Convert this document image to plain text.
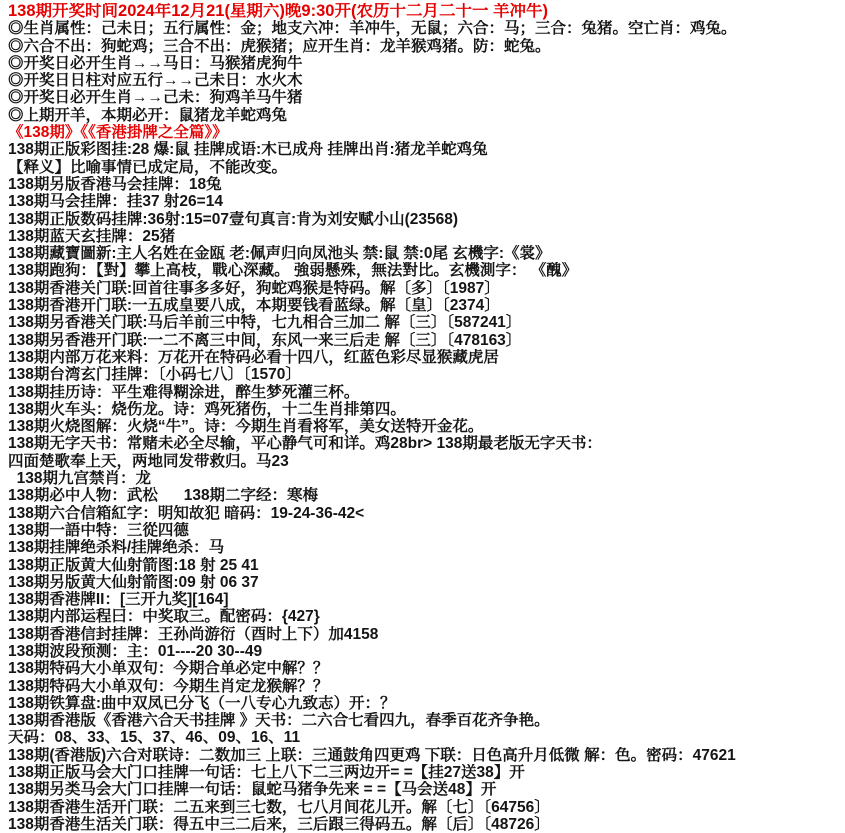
138期开奖时间2024年12月21(星期六)晚9:30开(农历十二月二十一 羊冲牛)
◎生肖属性：己未日；五行属性：金；地支六冲：羊冲牛，无鼠；六合：马；三合：兔猪。空亡肖：鸡兔。
◎六合不出：狗蛇鸡；三合不出：虎猴猪；应开生肖：龙羊猴鸡猪。防：蛇兔。
◎开奖日必开生肖→→马日：马猴猪虎狗牛
◎开奖日日柱对应五行→→己未日：水火木
◎开奖日必开生肖→→己未：狗鸡羊马牛猪
◎上期开羊，本期必开：鼠猪龙羊蛇鸡兔
《138期》《《香港掛牌之全篇》》
138期正版彩图挂:28 爆:鼠 挂牌成语:木已成舟 挂牌出肖:猪龙羊蛇鸡兔
【释义】比喻事情已成定局，不能改变。
138期另版香港马会挂牌：18兔
138期马会挂牌：挂37 射26=14
138期正版数码挂牌:36射:15=07壹句真言:肯为刘安赋小山(23568)
138期蓝天玄挂牌：25猪
138期藏寶圖新:主人名姓在金瓯 老:佩声归向凤池头 禁:鼠 禁:0尾 玄機字:《裳》
138期跑狗：【對】攀上高枝，戰心深藏。 強弱懸殊，無法對比。玄機測字： 《醜》
138期香港关门联:回首往事多多好，狗蛇鸡猴是特码。解〔多〕〔1987〕
138期香港开门联:一五成皇要八成，本期要钱看蓝绿。解〔皇〕〔2374〕
138期另香港关门联:马后羊前三中特，七九相合三加二 解〔三〕〔587241〕
138期另香港开门联:一二不离三中间，东风一来三后走 解〔三〕〔478163〕
138期内部万花来料：万花开在特码必看十四八，红蓝色彩尽显猴藏虎居
138期台湾玄门挂牌：〔小码七八〕〔1570〕
138期挂历诗：平生难得糊涂进，醉生梦死灌三杯。
138期火车头：烧伤龙。诗：鸡死猪伤，十二生肖排第四。
138期火烧图解：火烧“牛”。诗：今期生肖看将军，美女送特开金花。
138期无字天书：常赌未必全尽输，平心静气可和详。鸡28br> 138期最老版无字天书：
四面楚歌奉上天，两地同发带救归。马23
138期九宫禁肖：龙
138期必中人物：武松      138期二字经：寒梅
138期六合信箱紅字：明知故犯 暗码：19-24-36-42<
138期一語中特：三從四德
138期挂牌绝杀料/挂牌绝杀：马
138期正版黄大仙射箭图:18 射 25 41
138期另版黄大仙射箭图:09 射 06 37
138期香港牌II：[三开九奖][164]
138期内部运程曰：中奖取三。配密码：{427}
138期香港信封挂牌：王孙尚游衍（酉时上下）加4158
138期波段预测：主：01----20 30--49
138期特码大小单双句：今期合单必定中解？？
138期特码大小单双句：今期生肖定龙猴解？？
138期铁算盘:曲中双凤已分飞（一八专心九致志）开：？
138期香港版《香港六合天书挂牌 》天书：二六合七看四九，春季百花齐争艳。
天码：08、33、15、37、46、09、16、11
138期(香港版)六合对联诗：二数加三 上联：三通鼓角四更鸡 下联：日色高升月低微 解：色。密码：47621
138期正版马会大门口挂牌一句话：七上八下二三两边开= =【挂27送38】开
138期另类马会大门口挂牌一句话：鼠蛇马猪争先来 = =【马会送48】开
138期香港生活开门联：二五来到三七数，七八月间花儿开。解〔七〕〔64756〕
138期香港生活关门联：得五中三二后来，三后跟三得码五。解〔后〕〔48726〕
